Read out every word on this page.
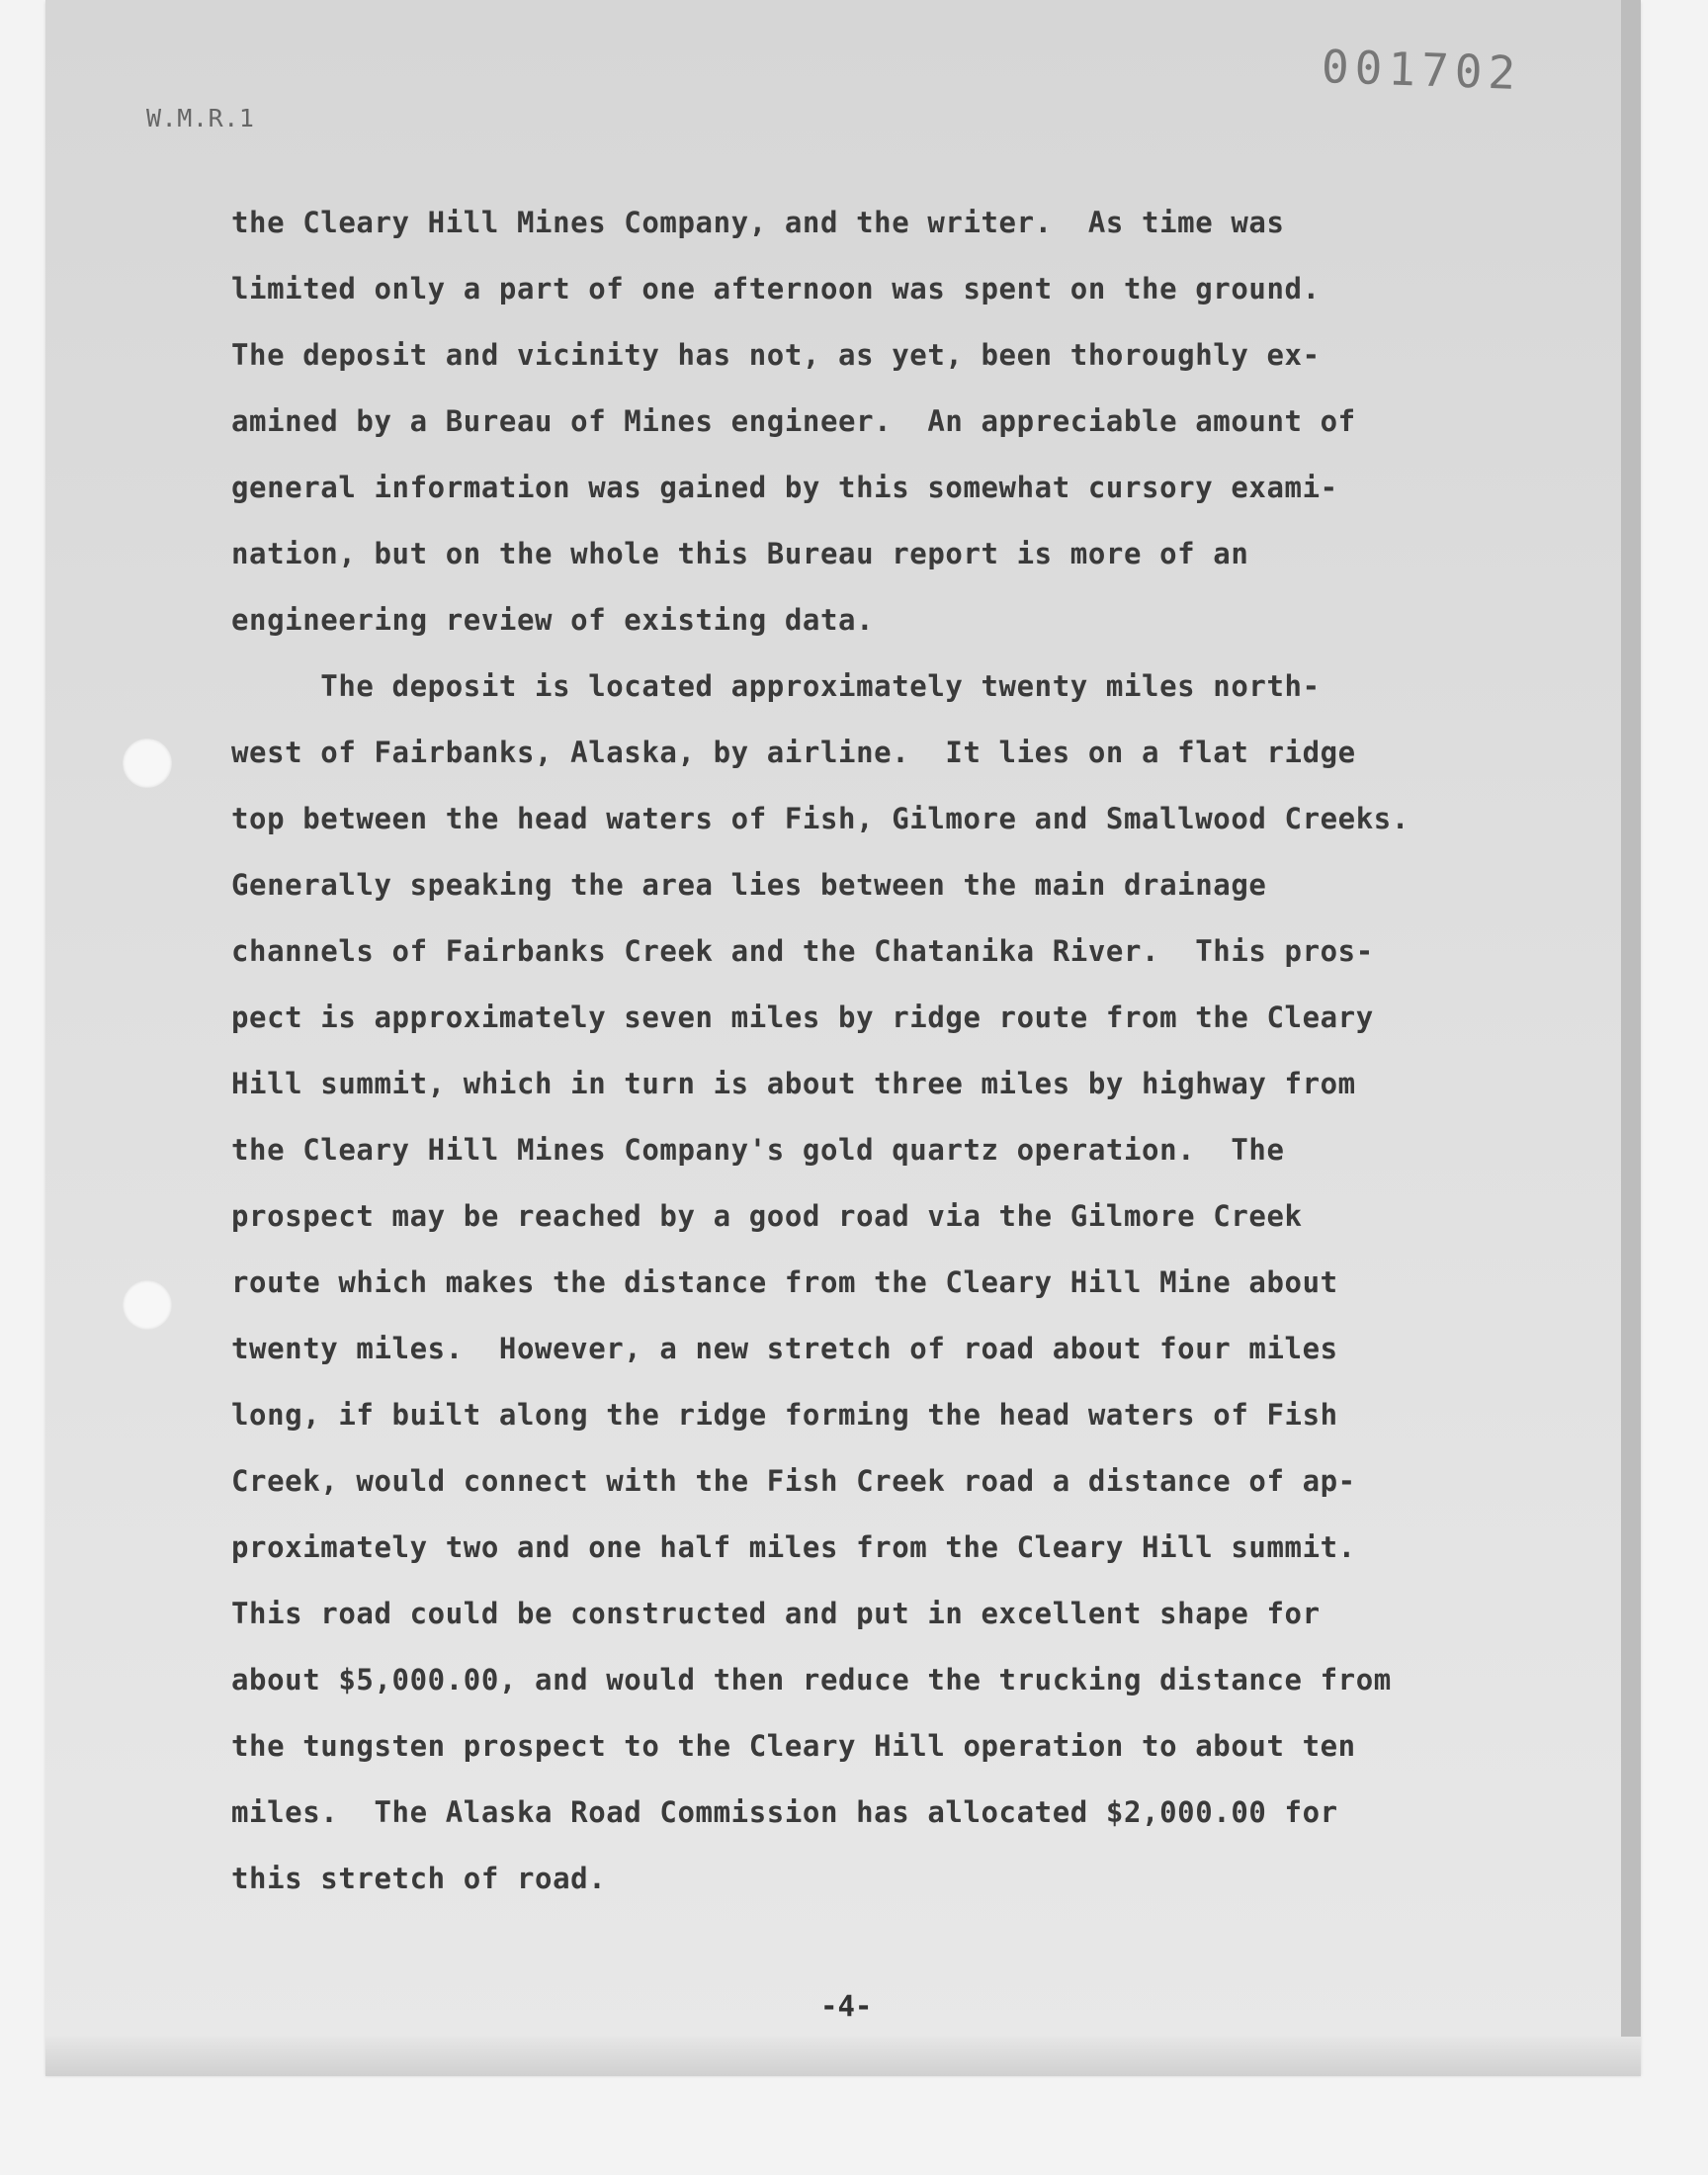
W.M.R.1
001702
the Cleary Hill Mines Company, and the writer.  As time was
limited only a part of one afternoon was spent on the ground.
The deposit and vicinity has not, as yet, been thoroughly ex-
amined by a Bureau of Mines engineer.  An appreciable amount of
general information was gained by this somewhat cursory exami-
nation, but on the whole this Bureau report is more of an
engineering review of existing data.
The deposit is located approximately twenty miles north-
west of Fairbanks, Alaska, by airline.  It lies on a flat ridge
top between the head waters of Fish, Gilmore and Smallwood Creeks.
Generally speaking the area lies between the main drainage
channels of Fairbanks Creek and the Chatanika River.  This pros-
pect is approximately seven miles by ridge route from the Cleary
Hill summit, which in turn is about three miles by highway from
the Cleary Hill Mines Company's gold quartz operation.  The
prospect may be reached by a good road via the Gilmore Creek
route which makes the distance from the Cleary Hill Mine about
twenty miles.  However, a new stretch of road about four miles
long, if built along the ridge forming the head waters of Fish
Creek, would connect with the Fish Creek road a distance of ap-
proximately two and one half miles from the Cleary Hill summit.
This road could be constructed and put in excellent shape for
about $5,000.00, and would then reduce the trucking distance from
the tungsten prospect to the Cleary Hill operation to about ten
miles.  The Alaska Road Commission has allocated $2,000.00 for
this stretch of road.
-4-
